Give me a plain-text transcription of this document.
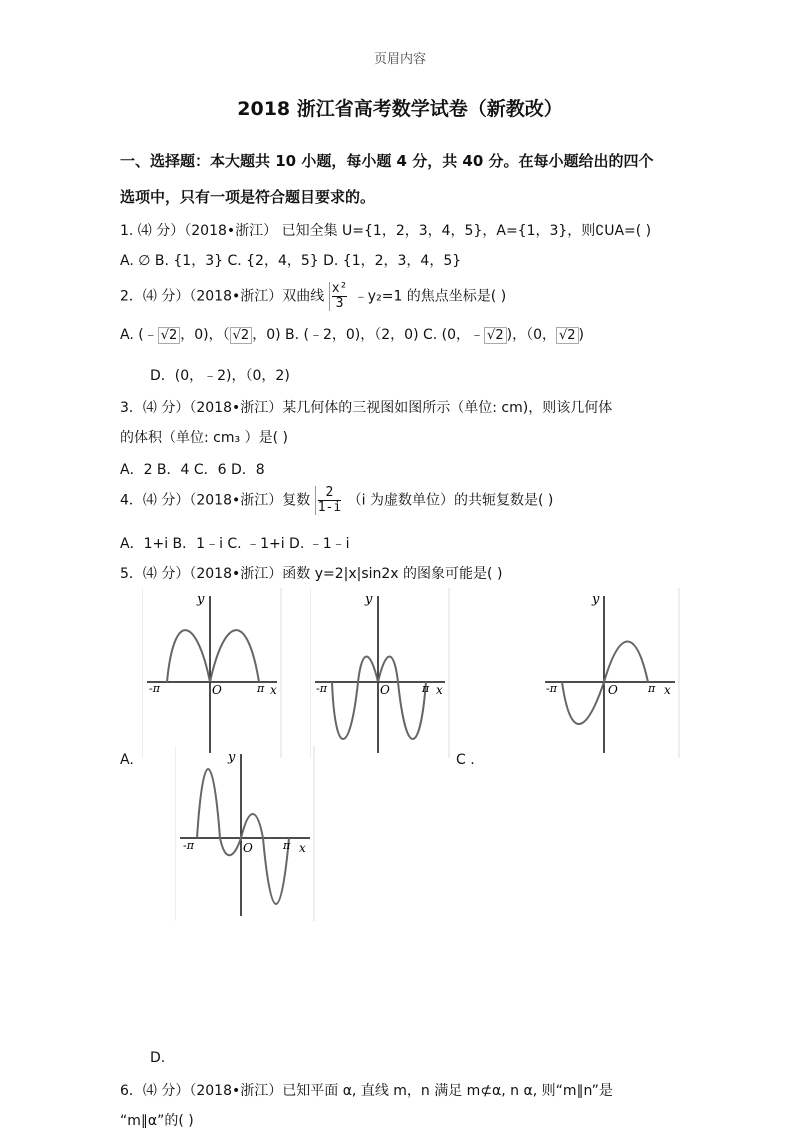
页眉内容
2018 浙江省高考数学试卷（新教改）
一、选择题：本大题共 10 小题，每小题 4 分，共 40 分。在每小题给出的四个
选项中，只有一项是符合题目要求的。
1. ⑷ 分）（2018•浙江） 已知全集 U={1，2，3，4，5}，A={1，3}，则∁UA=( )
A. ∅ B. {1，3} C. {2，4，5} D. {1，2，3，4，5}
2．⑷ 分）（2018•浙江）双曲线 $\frac{\text{x²}}{3}$ ﹣y₂=1 的焦点坐标是( )
A. (﹣ √2 ，0)，（ √2 ，0) B. (﹣2，0)，（2，0) C. (0，﹣ √2 )，（0， √2 )
D．(0，﹣2)，（0，2)
3．⑷ 分）（2018•浙江）某几何体的三视图如图所示（单位: cm)，则该几何体
的体积（单位: cm₃ ）是( )
A．2 B．4 C．6 D．8
4．⑷ 分）（2018•浙江）复数 $\frac{2}{1-i} (i$ 为虚数单位）的共轭复数是( )
A．1+i B．1﹣i C. ﹣1+i D. ﹣1﹣i
5．⑷ 分）（2018•浙江）函数 y=2|x|sin2x 的图象可能是( )
y
x
O
-π	π
y
x
O
-π	π
y
x
O
-π	π
y
x
O
-π	π
A.	C .
D.
6．⑷ 分）（2018•浙江）已知平面 α, 直线 m，n 满足 m⊄α, n α, 则“m∥n”是
“m∥α”的( )
